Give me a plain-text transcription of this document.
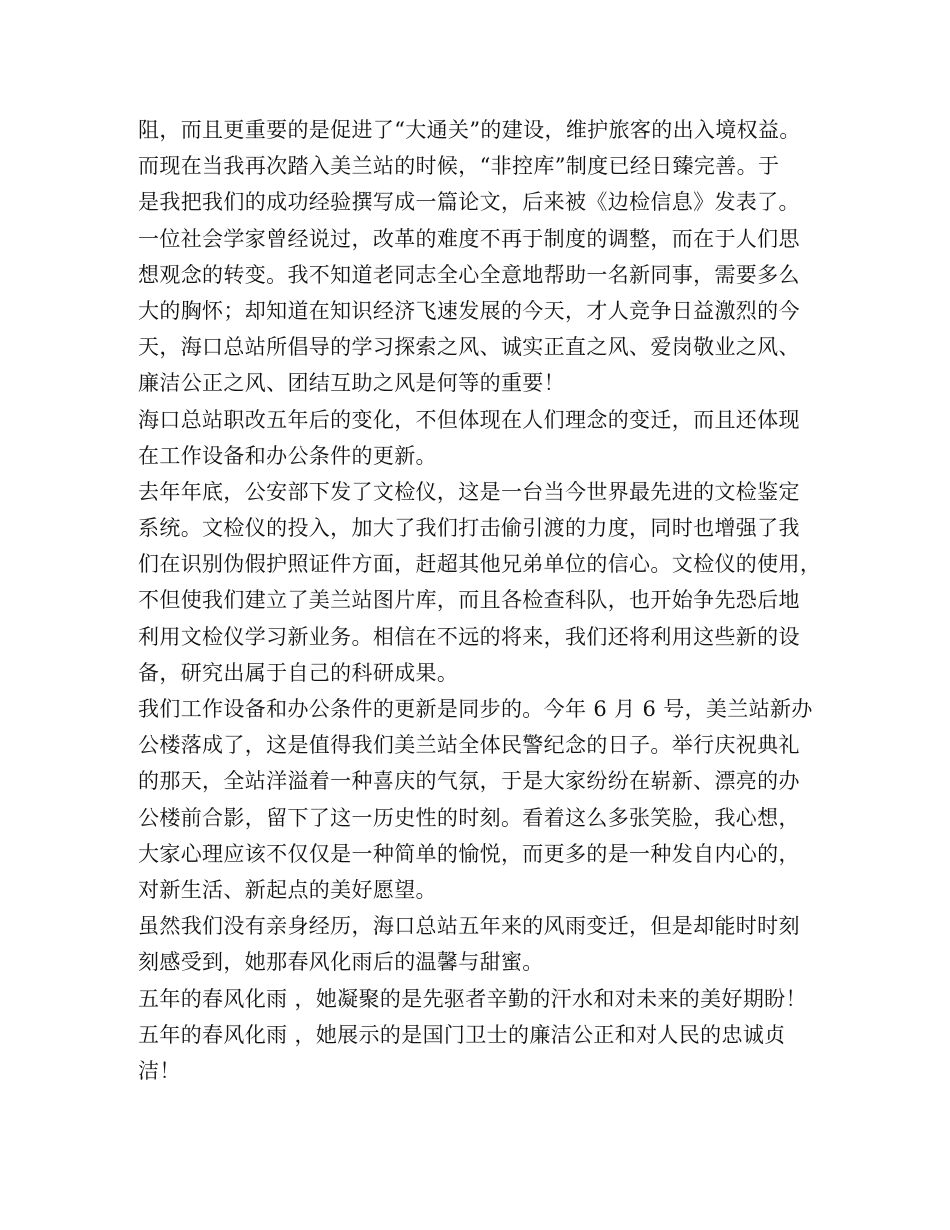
阻，而且更重要的是促进了“大通关”的建设，维护旅客的出入境权益。
而现在当我再次踏入美兰站的时候，“非控库”制度已经日臻完善。于
是我把我们的成功经验撰写成一篇论文，后来被《边检信息》发表了。
一位社会学家曾经说过，改革的难度不再于制度的调整，而在于人们思
想观念的转变。我不知道老同志全心全意地帮助一名新同事，需要多么
大的胸怀；却知道在知识经济飞速发展的今天，才人竞争日益激烈的今
天，海口总站所倡导的学习探索之风、诚实正直之风、爱岗敬业之风、
廉洁公正之风、团结互助之风是何等的重要！
海口总站职改五年后的变化，不但体现在人们理念的变迁，而且还体现
在工作设备和办公条件的更新。
去年年底，公安部下发了文检仪，这是一台当今世界最先进的文检鉴定
系统。文检仪的投入，加大了我们打击偷引渡的力度，同时也增强了我
们在识别伪假护照证件方面，赶超其他兄弟单位的信心。文检仪的使用，
不但使我们建立了美兰站图片库，而且各检查科队，也开始争先恐后地
利用文检仪学习新业务。相信在不远的将来，我们还将利用这些新的设
备，研究出属于自己的科研成果。
我们工作设备和办公条件的更新是同步的。今年 6 月 6 号，美兰站新办
公楼落成了，这是值得我们美兰站全体民警纪念的日子。举行庆祝典礼
的那天，全站洋溢着一种喜庆的气氛，于是大家纷纷在崭新、漂亮的办
公楼前合影，留下了这一历史性的时刻。看着这么多张笑脸，我心想，
大家心理应该不仅仅是一种简单的愉悦，而更多的是一种发自内心的，
对新生活、新起点的美好愿望。
虽然我们没有亲身经历，海口总站五年来的风雨变迁，但是却能时时刻
刻感受到，她那春风化雨后的温馨与甜蜜。
五年的春风化雨 ，她凝聚的是先驱者辛勤的汗水和对未来的美好期盼！
五年的春风化雨 ，她展示的是国门卫士的廉洁公正和对人民的忠诚贞
洁！
